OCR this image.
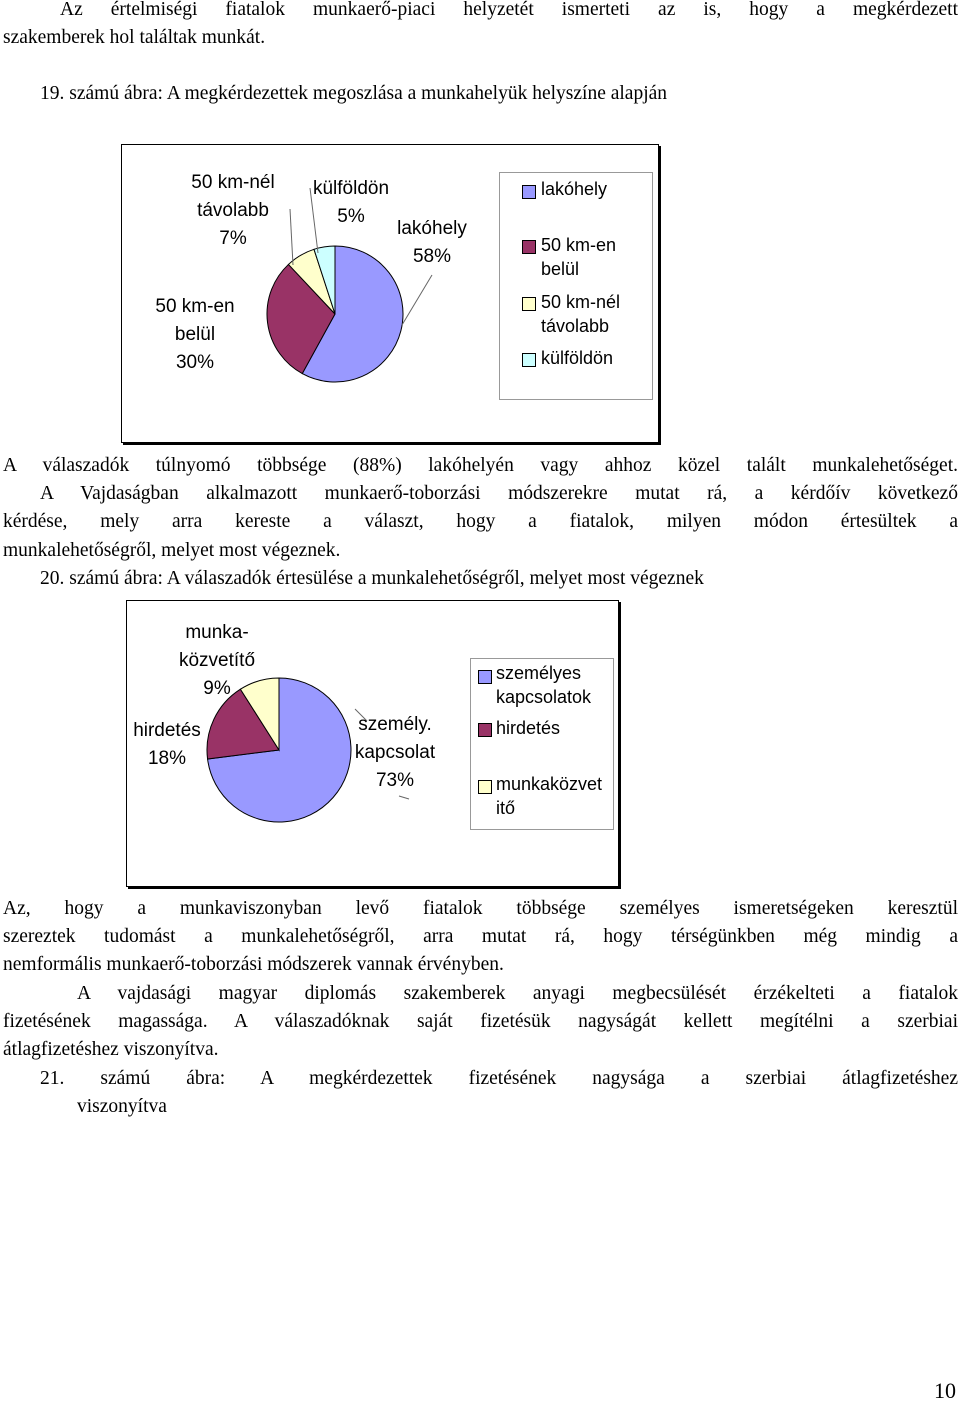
Az értelmiségi fiatalok munkaerő-piaci helyzetét ismerteti az is, hogy a megkérdezett
szakemberek hol találtak munkát.
19. számú ábra: A megkérdezettek megoszlása a munkahelyük helyszíne alapján
50 km-nél
távolabb
7%
külföldön
5%
lakóhely
58%
50 km-en
belül
30%
lakóhely
50 km-en
belül
50 km-nél
távolabb
külföldön
A válaszadók túlnyomó többsége (88%) lakóhelyén vagy ahhoz közel talált munkalehetőséget.
A Vajdaságban alkalmazott munkaerő-toborzási módszerekre mutat rá, a kérdőív következő
kérdése, mely arra kereste a választ, hogy a fiatalok, milyen módon értesültek a
munkalehetőségről, melyet most végeznek.
20. számú ábra: A válaszadók értesülése a munkalehetőségről, melyet most végeznek
munka-
közvetítő
9%
hirdetés
18%
személy.
kapcsolat
73%
személyes
kapcsolatok
hirdetés
munkaközvet
itő
Az, hogy a munkaviszonyban levő fiatalok többsége személyes ismeretségeken keresztül
szereztek tudomást a munkalehetőségről, arra mutat rá, hogy térségünkben még mindig a
nemformális munkaerő-toborzási módszerek vannak érvényben.
A vajdasági magyar diplomás szakemberek anyagi megbecsülését érzékelteti a fiatalok
fizetésének magassága. A válaszadóknak saját fizetésük nagyságát kellett megítélni a szerbiai
átlagfizetéshez viszonyítva.
21. számú ábra: A megkérdezettek fizetésének nagysága a szerbiai átlagfizetéshez
viszonyítva
10
